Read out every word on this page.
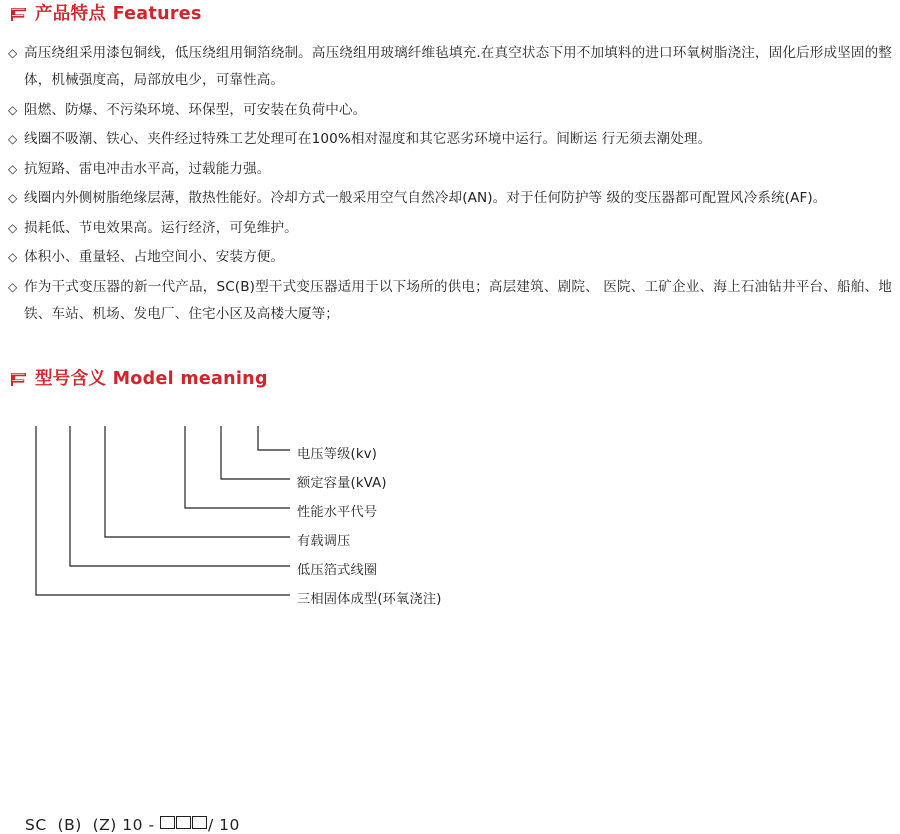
产品特点 Features
◇ 高压绕组采用漆包铜线，低压绕组用铜箔绕制。高压绕组用玻璃纤维毡填充.在真空状态下用不加填料的进口环氧树脂浇注，固化后形成坚固的整体，机械强度高，局部放电少，可靠性高。
◇ 阻燃、防爆、不污染环境、环保型，可安装在负荷中心。
◇ 线圈不吸潮、铁心、夹件经过特殊工艺处理可在100%相对湿度和其它恶劣环境中运行。间断运 行无须去潮处理。
◇ 抗短路、雷电冲击水平高，过载能力强。
◇ 线圈内外侧树脂绝缘层薄，散热性能好。冷却方式一般采用空气自然冷却(AN)。对于任何防护等 级的变压器都可配置风冷系统(AF)。
◇ 损耗低、节电效果高。运行经济，可免维护。
◇ 体积小、重量轻、占地空间小、安装方便。
◇ 作为干式变压器的新一代产品，SC(B)型干式变压器适用于以下场所的供电；高层建筑、剧院、 医院、工矿企业、海上石油钻井平台、船舶、地铁、车站、机场、发电厂、住宅小区及高楼大厦等；
型号含义 Model meaning
SC (B) (Z) 10 -	/ 10
电压等级(kv)
额定容量(kVA)
性能水平代号
有载调压
低压箔式线圈
三相固体成型(环氧浇注)
